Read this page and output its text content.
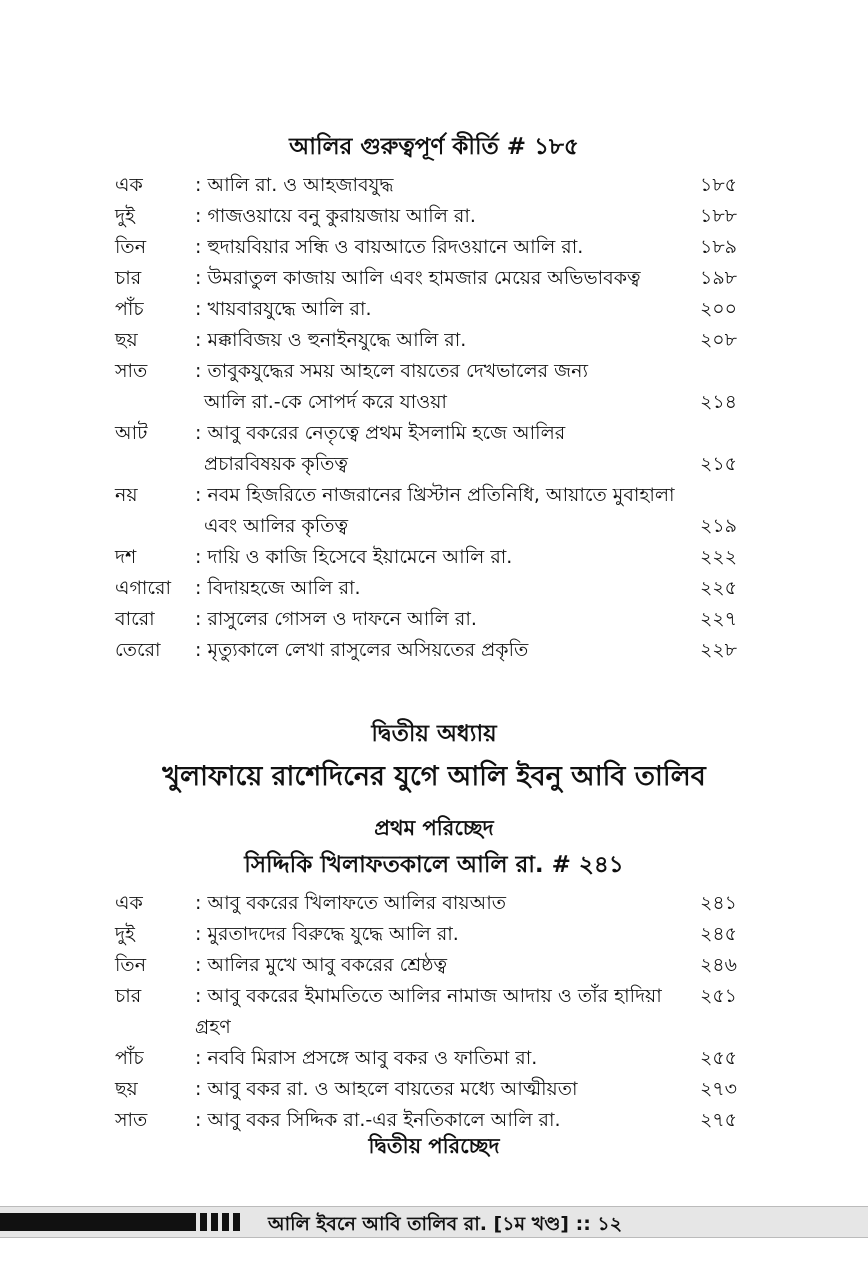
আলির গুরুত্বপূর্ণ কীর্তি # ১৮৫
এক	: আলি রা. ও আহজাবযুদ্ধ	১৮৫
দুই	: গাজওয়ায়ে বনু কুরায়জায় আলি রা.	১৮৮
তিন	: হুদায়বিয়ার সন্ধি ও বায়আতে রিদওয়ানে আলি রা.	১৮৯
চার	: উমরাতুল কাজায় আলি এবং হামজার মেয়ের অভিভাবকত্ব	১৯৮
পাঁচ	: খায়বারযুদ্ধে আলি রা.	২০০
ছয়	: মক্কাবিজয় ও হুনাইনযুদ্ধে আলি রা.	২০৮
সাত	: তাবুকযুদ্ধের সময় আহলে বায়তের দেখভালের জন্য
আলি রা.-কে সোপর্দ করে যাওয়া	২১৪
আট : আবু বকরের নেতৃত্বে প্রথম ইসলামি হজে আলির
প্রচারবিষয়ক কৃতিত্ব	২১৫
নয়	: নবম হিজরিতে নাজরানের খ্রিস্টান প্রতিনিধি, আয়াতে মুবাহালা
এবং আলির কৃতিত্ব	২১৯
দশ	: দায়ি ও কাজি হিসেবে ইয়ামেনে আলি রা.	২২২
এগারো : বিদায়হজে আলি রা.	২২৫
বারো : রাসুলের গোসল ও দাফনে আলি রা.	২২৭
তেরো : মৃত্যুকালে লেখা রাসুলের অসিয়তের প্রকৃতি	২২৮
দ্বিতীয় অধ্যায়
খুলাফায়ে রাশেদিনের যুগে আলি ইবনু আবি তালিব
প্রথম পরিচ্ছেদ
সিদ্দিকি খিলাফতকালে আলি রা. # ২৪১
এক	: আবু বকরের খিলাফতে আলির বায়আত	২৪১
দুই	: মুরতাদদের বিরুদ্ধে যুদ্ধে আলি রা.	২৪৫
তিন	: আলির মুখে আবু বকরের শ্রেষ্ঠত্ব	২৪৬
চার	: আবু বকরের ইমামতিতে আলির নামাজ আদায় ও তাঁর হাদিয়া গ্রহণ
২৫১
পাঁচ	: নববি মিরাস প্রসঙ্গে আবু বকর ও ফাতিমা রা.	২৫৫
ছয়	: আবু বকর রা. ও আহলে বায়তের মধ্যে আত্মীয়তা	২৭৩
সাত	: আবু বকর সিদ্দিক রা.-এর ইনতিকালে আলি রা.	২৭৫
দ্বিতীয় পরিচ্ছেদ
আলি ইবনে আবি তালিব রা. [১ম খণ্ড] :: ১২
